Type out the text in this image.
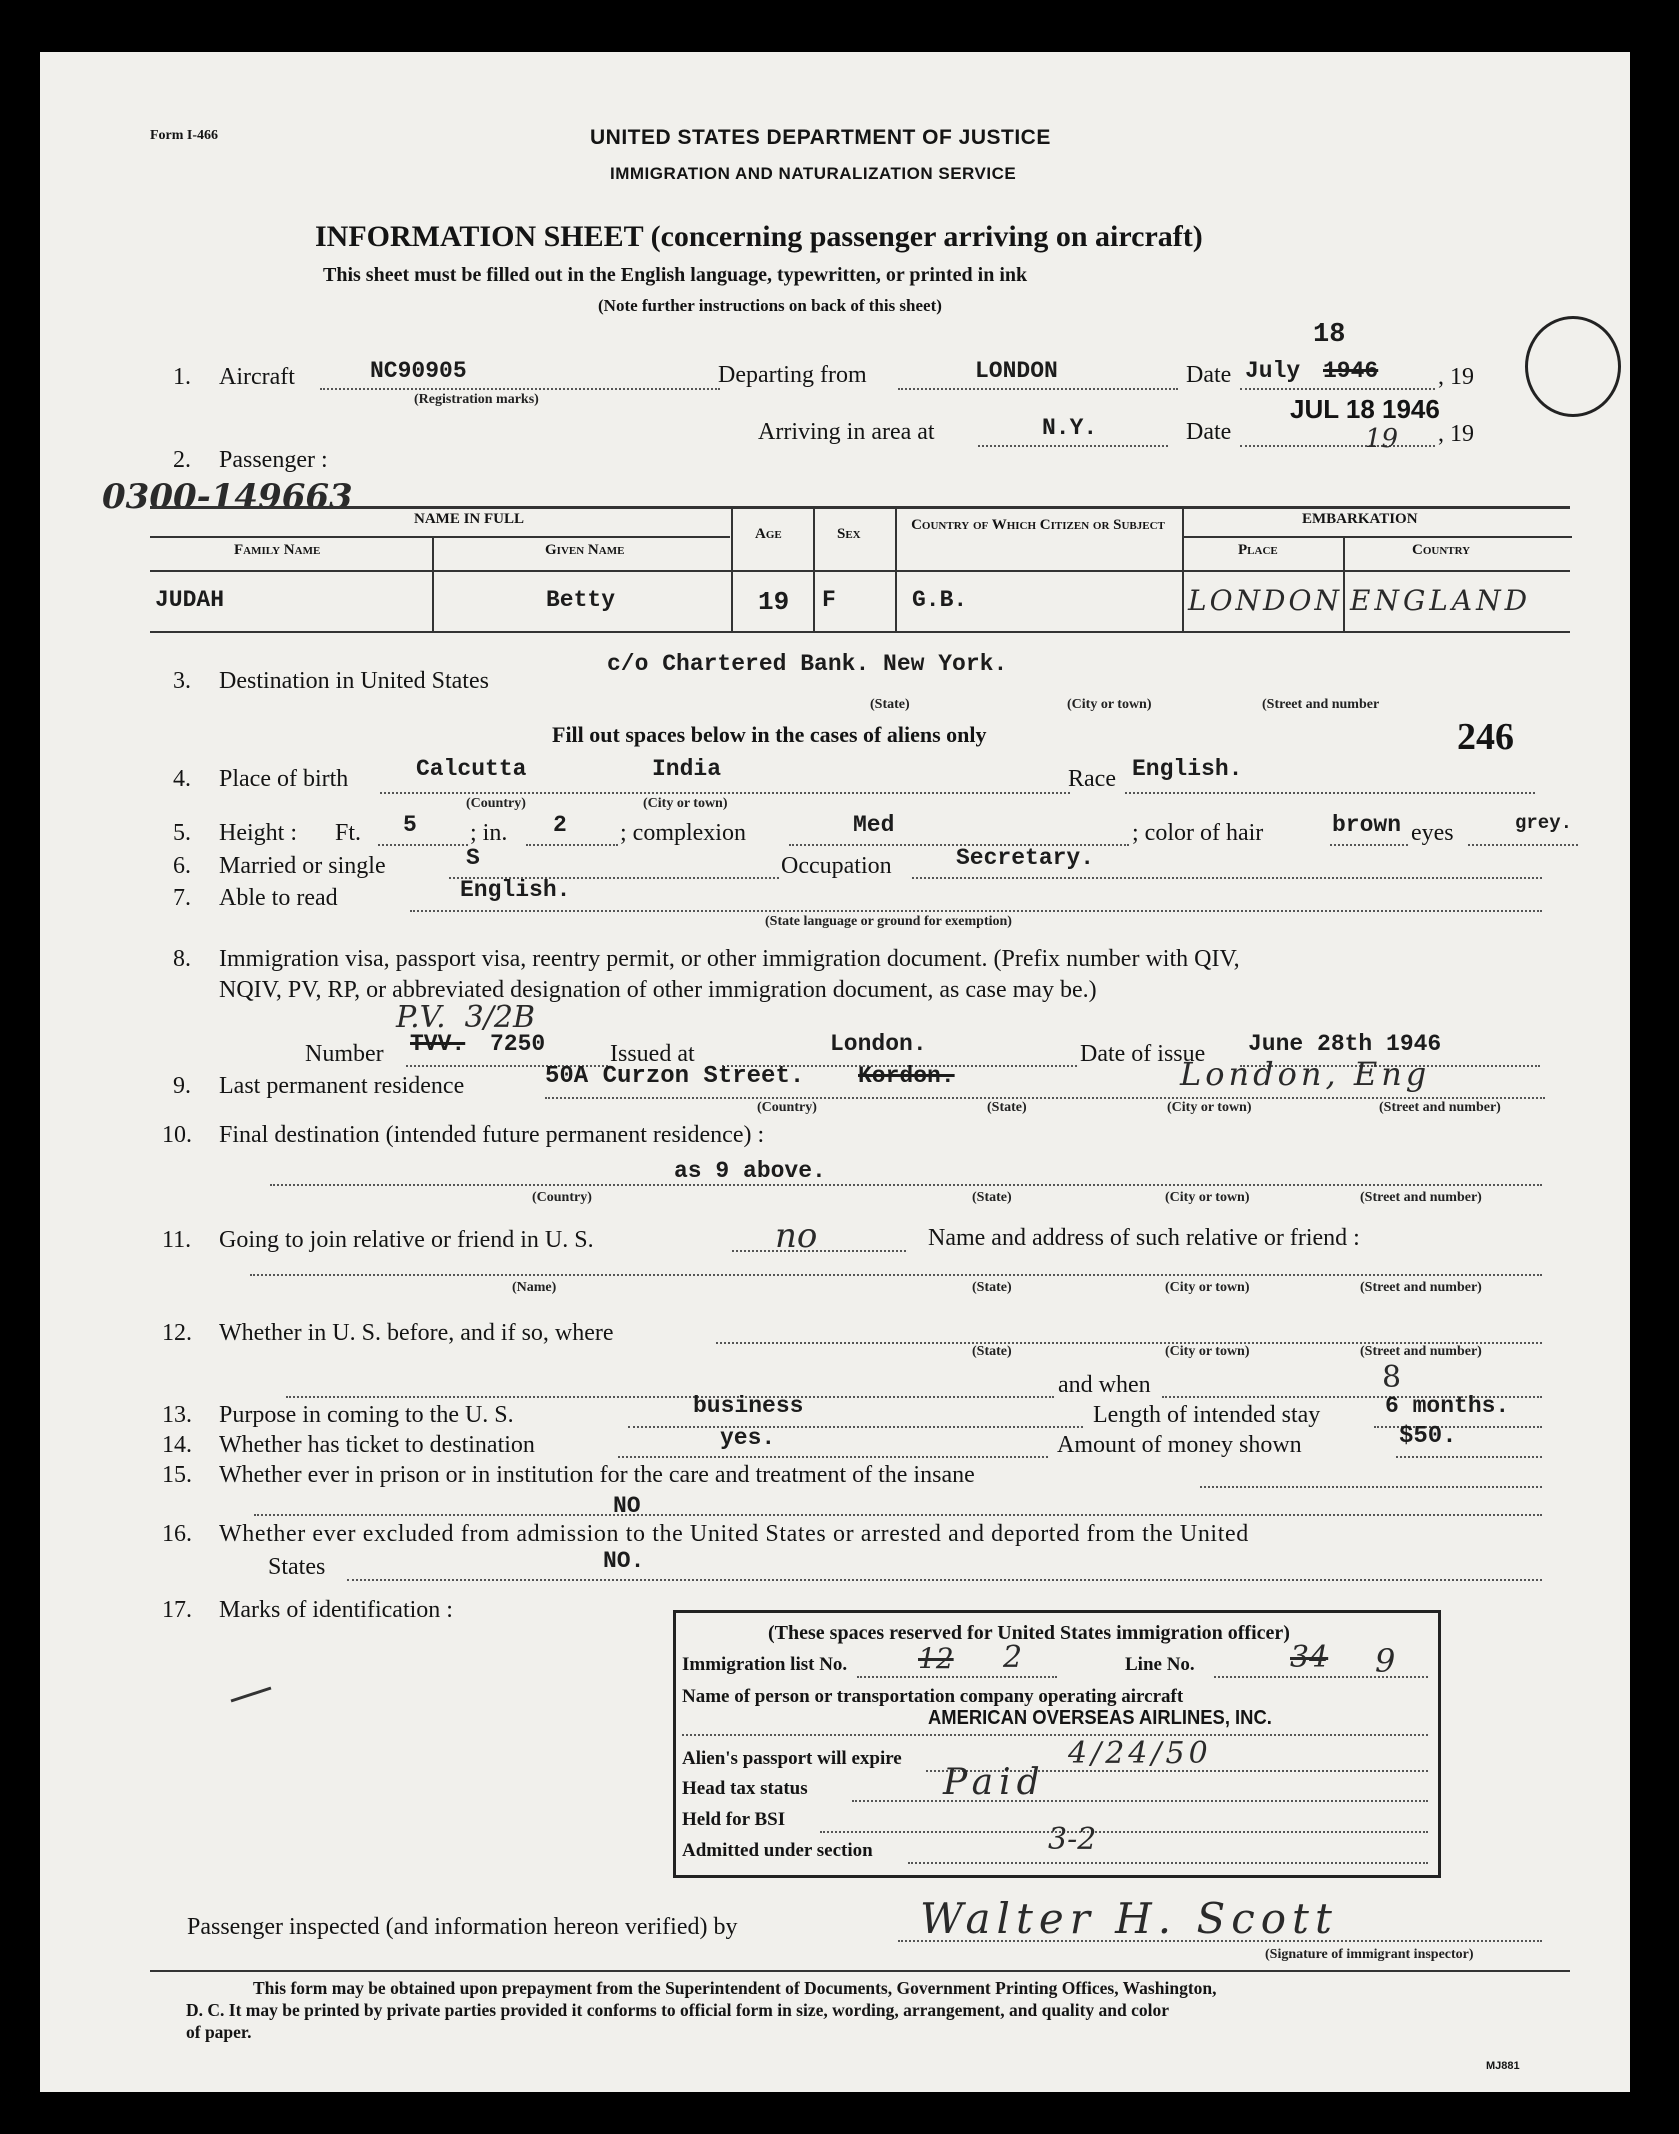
Form I-466	UNITED STATES DEPARTMENT OF JUSTICE
IMMIGRATION AND NATURALIZATION SERVICE
INFORMATION SHEET (concerning passenger arriving on aircraft)
This sheet must be filled out in the English language, typewritten, or printed in ink
(Note further instructions on back of this sheet)
1. Aircraft	NC90905
(Registration marks)
Departing from	LONDON	Date July 1946
18
, 19
Arriving in area at	N.Y.	Date
JUL 18 1946
19 , 19
2. Passenger :
0300-149663
NAME IN FULL
Family Name	Given Name
Age	Sex
Country of Which Citizen or Subject	EMBARKATION
Place	Country
JUDAH	Betty	19 F	G.B.	LONDON ENGLAND
3. Destination in United States
c/o Chartered Bank. New York.
(State)	(City or town)	(Street and number
Fill out spaces below in the cases of aliens only	246
4. Place of birth	Calcutta	India
(Country)	(City or town)
Race English.
5. Height : Ft. 5 ; in. 2 ; complexion	Med	; color of hair	brown eyes	grey.
6. Married or single	S	Occupation	Secretary.
7. Able to read	English.
(State language or ground for exemption)
8. Immigration visa, passport visa, reentry permit, or other immigration document. (Prefix number with QIV,
NQIV, PV, RP, or abbreviated designation of other immigration document, as case may be.)
P.V.  3/2B
Number TVV. 7250	Issued at	London.	Date of issue June 28th 1946
9. Last permanent residence	50A Curzon Street. Kordon.	London, Eng
(Country)	(State)	(City or town)	(Street and number)
10. Final destination (intended future permanent residence) :
as 9 above.
(Country)	(State)	(City or town)	(Street and number)
11. Going to join relative or friend in U. S.	no	Name and address of such relative or friend :
(Name)	(State)	(City or town)	(Street and number)
12. Whether in U. S. before, and if so, where
(State)	(City or town)	(Street and number)
and when	8
13. Purpose in coming to the U. S.	business	Length of intended stay	6 months.
14. Whether has ticket to destination	yes.	Amount of money shown	$50.
15. Whether ever in prison or in institution for the care and treatment of the insane
NO
16. Whether ever excluded from admission to the United States or arrested and deported from the United
States	NO.
17. Marks of identification :
(These spaces reserved for United States immigration officer)
Immigration list No.	12 2	Line No.	34 9
Name of person or transportation company operating aircraft
AMERICAN OVERSEAS AIRLINES, INC.
Alien's passport will expire	4/24/50
Head tax status	Paid
Held for BSI
Admitted under section	3-2
Passenger inspected (and information hereon verified) by	Walter H. Scott
(Signature of immigrant inspector)
This form may be obtained upon prepayment from the Superintendent of Documents, Government Printing Offices, Washington,
D. C. It may be printed by private parties provided it conforms to official form in size, wording, arrangement, and quality and color
of paper.
MJ881
